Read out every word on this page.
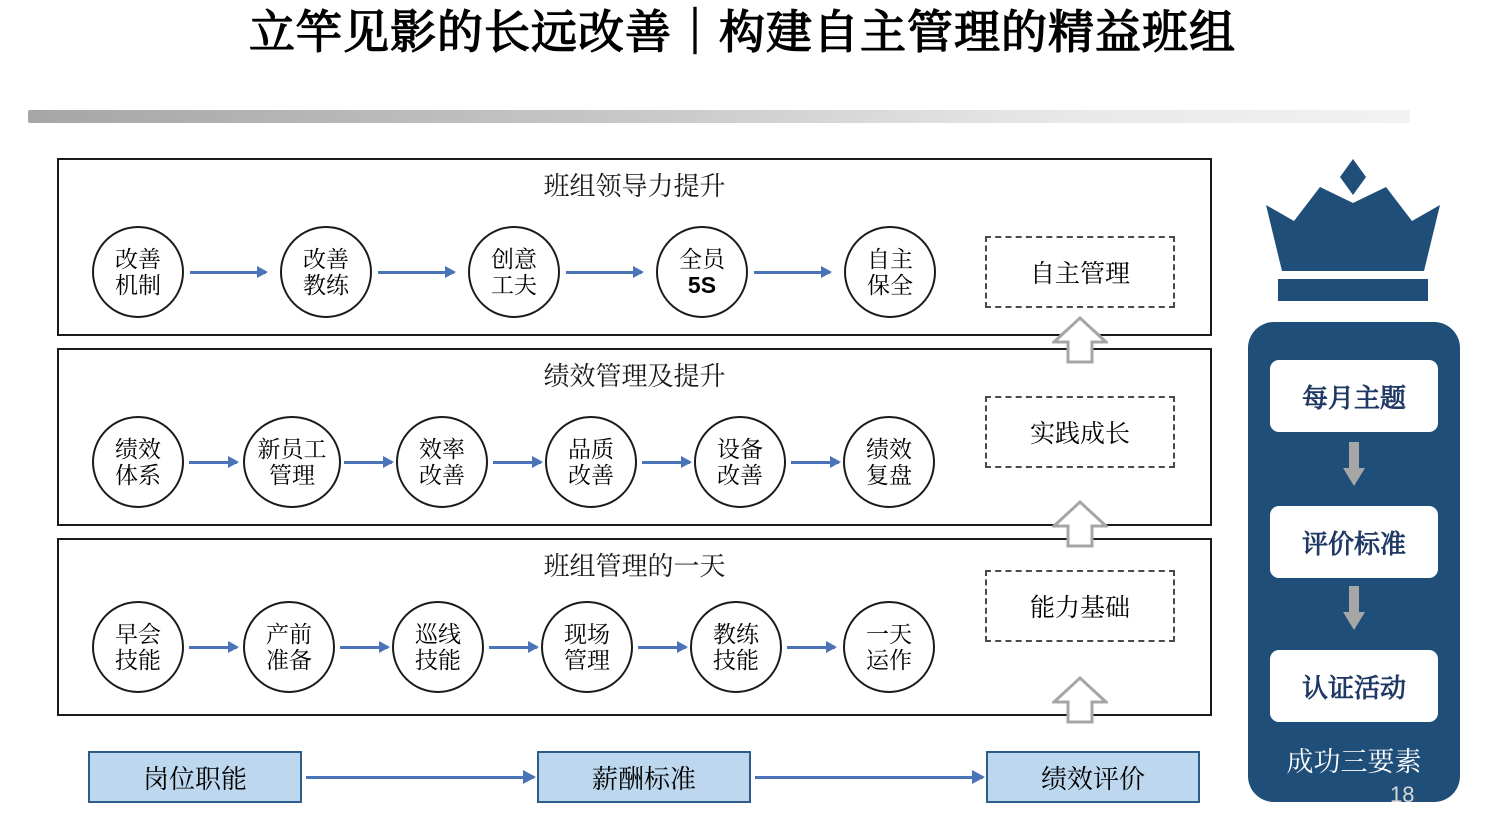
立竿见影的长远改善｜构建自主管理的精益班组
班组领导力提升
改善
机制
改善
教练
创意
工夫
全员
5S
自主
保全	自主管理
绩效管理及提升
绩效
体系
新员工
管理
效率
改善
品质
改善
设备
改善
绩效
复盘
实践成长
班组管理的一天
早会
技能
产前
准备
巡线
技能
现场
管理
教练
技能
一天
运作
能力基础
岗位职能	薪酬标准	绩效评价
每月主题
评价标准
认证活动
成功三要素
18
